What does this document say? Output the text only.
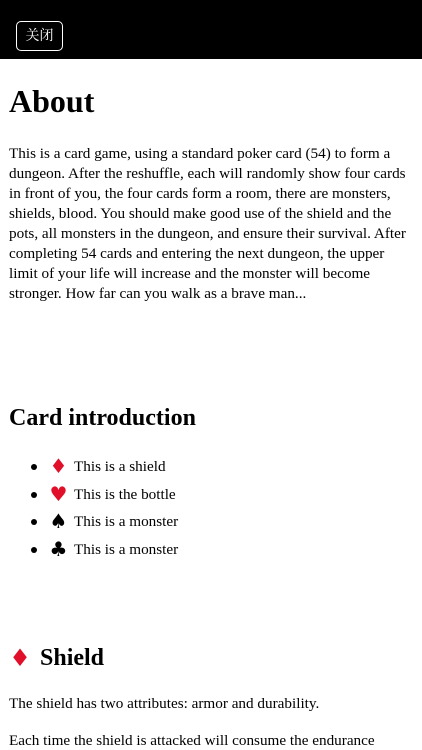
关闭
About

This is a card game, using a standard poker card (54) to form a dungeon. After the reshuffle, each will randomly show four cards in front of you, the four cards form a room, there are monsters, shields, blood. You should make good use of the shield and the pots, all monsters in the dungeon, and ensure their survival. After completing 54 cards and entering the next dungeon, the upper limit of your life will increase and the monster will become stronger. How far can you walk as a brave man...

Card introduction
♦ This is a shield
♥ This is the bottle
♠ This is a monster
♣ This is a monster
♦ Shield

The shield has two attributes: armor and durability.

Each time the shield is attacked will consume the endurance
